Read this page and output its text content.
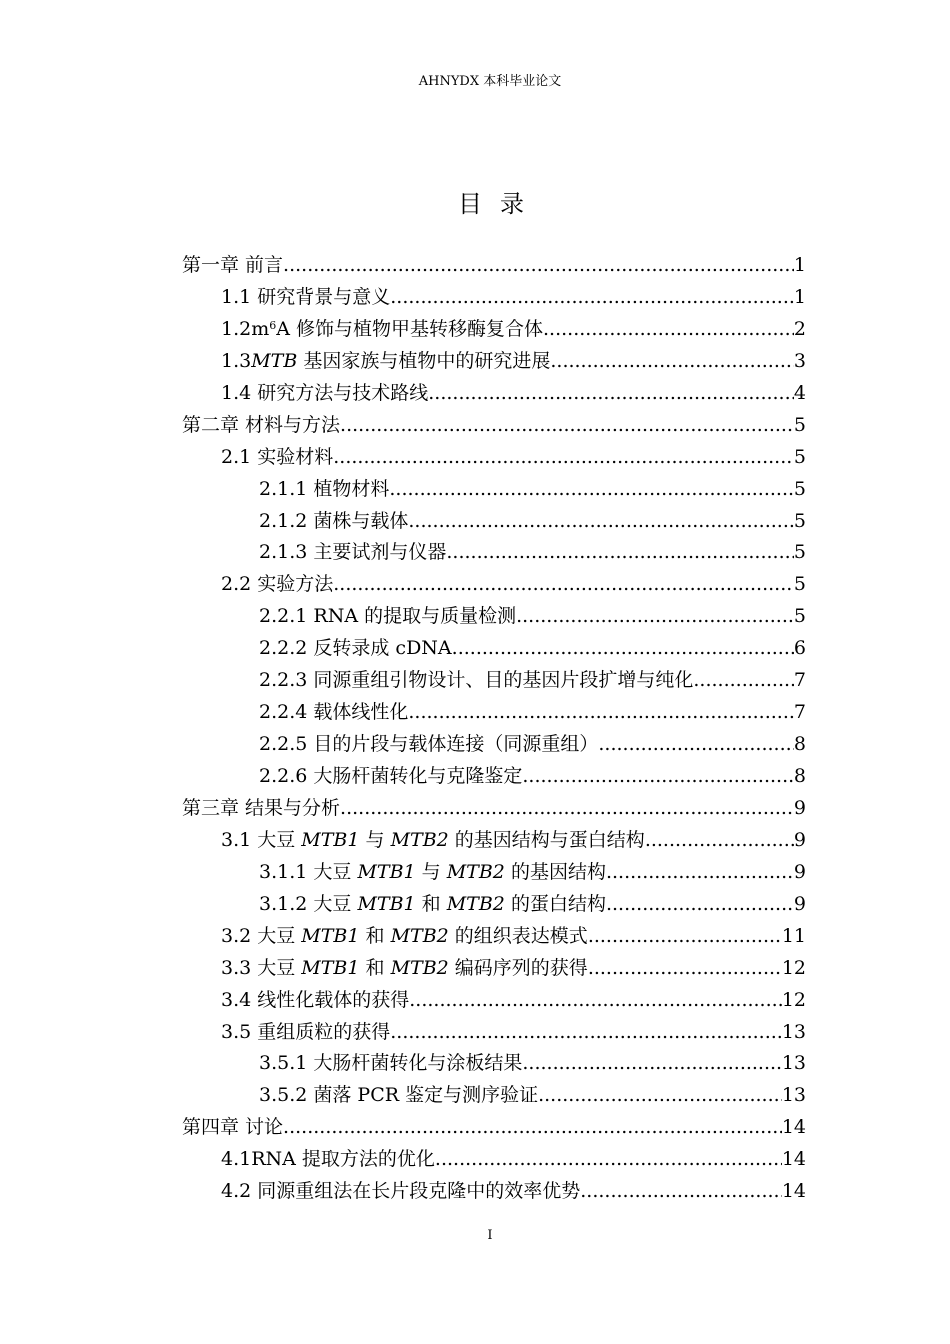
AHNYDX 本科毕业论文
目录
第一章 前言 .....	1
1.1 研究背景与意义 .....	1
$1.2m^6A$ 修饰与植物甲基转移酶复合体 .....	2
1.3MTB 基因家族与植物中的研究进展 .....	3
1.4 研究方法与技术路线 .....	4
第二章 材料与方法 .....	5
2.1 实验材料 .....	5
2.1.1 植物材料 .....	5
2.1.2 菌株与载体 .....	5
2.1.3 主要试剂与仪器 .....	5
2.2 实验方法 .....	5
2.2.1 RNA 的提取与质量检测 .....	5
2.2.2 反转录成 cDNA .....	6
2.2.3 同源重组引物设计、目的基因片段扩增与纯化 .....	7
2.2.4 载体线性化 .....	7
2.2.5 目的片段与载体连接（同源重组） .....	8
2.2.6 大肠杆菌转化与克隆鉴定 .....	8
第三章 结果与分析 .....	9
3.1 大豆 MTB1 与 MTB2 的基因结构与蛋白结构 .....	9
3.1.1 大豆 MTB1 与 MTB2 的基因结构 .....	9
3.1.2 大豆 MTB1 和 MTB2 的蛋白结构 .....	9
3.2 大豆 MTB1 和 MTB2 的组织表达模式 .....	11
3.3 大豆 MTB1 和 MTB2 编码序列的获得 .....	12
3.4 线性化载体的获得 .....	12
3.5 重组质粒的获得 .....	13
3.5.1 大肠杆菌转化与涂板结果 .....	13
3.5.2 菌落 PCR 鉴定与测序验证 .....	13
第四章 讨论 .....	14
4.1RNA 提取方法的优化 .....	14
4.2 同源重组法在长片段克隆中的效率优势 .....	14
I
